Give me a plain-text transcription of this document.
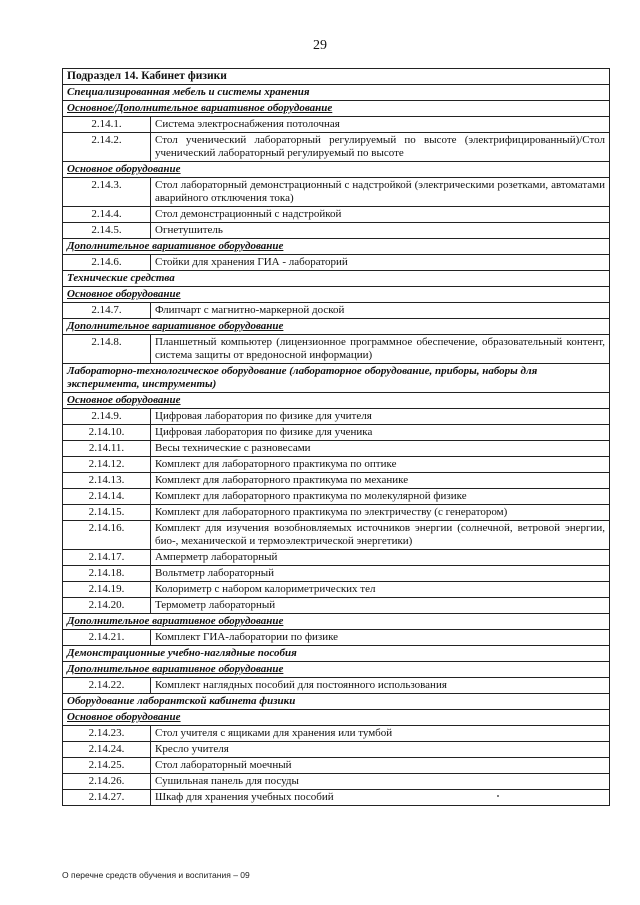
29
Подраздел 14. Кабинет физики	
Специализированная мебель и системы хранения	
Основное/Дополнительное вариативное оборудование	
2.14.1.	Система электроснабжения потолочная
2.14.2.	Стол ученический лабораторный регулируемый по высоте (электрифицированный)/Стол ученический лабораторный регулируемый по высоте
Основное оборудование	
2.14.3.	Стол лабораторный демонстрационный с надстройкой (электрическими розетками, автоматами аварийного отключения тока)
2.14.4.	Стол демонстрационный с надстройкой
2.14.5.	Огнетушитель
Дополнительное вариативное оборудование	
2.14.6.	Стойки для хранения ГИА - лабораторий
Технические средства	
Основное оборудование	
2.14.7.	Флипчарт с магнитно-маркерной доской
Дополнительное вариативное оборудование	
2.14.8.	Планшетный компьютер (лицензионное программное обеспечение, образовательный контент, система защиты от вредоносной информации)
Лабораторно-технологическое оборудование (лабораторное оборудование, приборы, наборы для эксперимента, инструменты)	
Основное оборудование	
2.14.9.	Цифровая лаборатория по физике для учителя
2.14.10.	Цифровая лаборатория по физике для ученика
2.14.11.	Весы технические с разновесами
2.14.12.	Комплект для лабораторного практикума по оптике
2.14.13.	Комплект для лабораторного практикума по механике
2.14.14.	Комплект для лабораторного практикума по молекулярной физике
2.14.15.	Комплект для лабораторного практикума по электричеству (с генератором)
2.14.16.	Комплект для изучения возобновляемых источников энергии (солнечной, ветровой энергии, био-, механической и термоэлектрической энергетики)
2.14.17.	Амперметр лабораторный
2.14.18.	Вольтметр лабораторный
2.14.19.	Колориметр с набором калориметрических тел
2.14.20.	Термометр лабораторный
Дополнительное вариативное оборудование	
2.14.21.	Комплект ГИА-лаборатории по физике
Демонстрационные учебно-наглядные пособия	
Дополнительное вариативное оборудование	
2.14.22.	Комплект наглядных пособий для постоянного использования
Оборудование лаборантской кабинета физики	
Основное оборудование	
2.14.23.	Стол учителя с ящиками для хранения или тумбой
2.14.24.	Кресло учителя
2.14.25.	Стол лабораторный моечный
2.14.26.	Сушильная панель для посуды
2.14.27.	Шкаф для хранения учебных пособий
О перечне средств обучения и воспитания – 09
